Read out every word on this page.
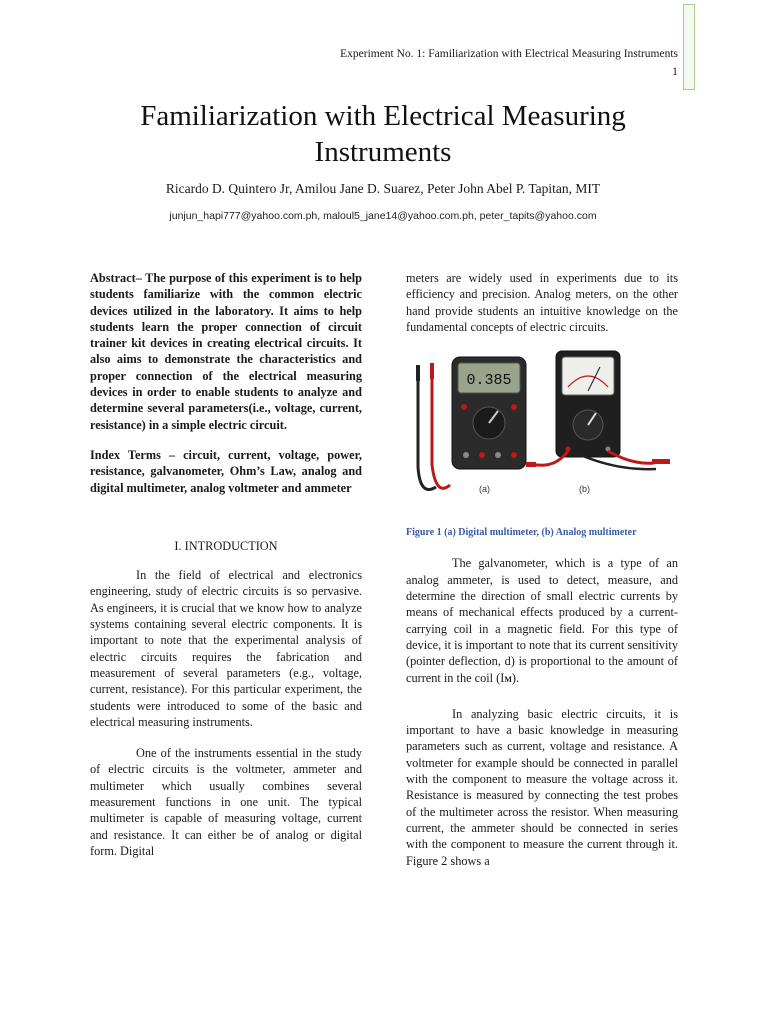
Experiment No. 1: Familiarization with Electrical Measuring Instruments
1
Familiarization with Electrical Measuring
Instruments
Ricardo D. Quintero Jr, Amilou Jane D. Suarez, Peter John Abel P. Tapitan, MIT
junjun_hapi777@yahoo.com.ph, maloul5_jane14@yahoo.com.ph, peter_tapits@yahoo.com

Abstract– The purpose of this experiment is to help students familiarize with the common electric devices utilized in the laboratory. It aims to help students learn the proper connection of circuit trainer kit devices in creating electrical circuits. It also aims to demonstrate the characteristics and proper connection of the electrical measuring devices in order to enable students to analyze and determine several parameters(i.e., voltage, current, resistance) in a simple electric circuit.

Index Terms – circuit, current, voltage, power, resistance, galvanometer, Ohm’s Law, analog and digital multimeter, analog voltmeter and ammeter

I. INTRODUCTION

In the field of electrical and electronics engineering, study of electric circuits is so pervasive. As engineers, it is crucial that we know how to analyze systems containing several electric components. It is important to note that the experimental analysis of electric circuits requires the fabrication and measurement of several parameters (e.g., voltage, current, resistance). For this particular experiment, the students were introduced to some of the basic and electrical measuring instruments.

One of the instruments essential in the study of electric circuits is the voltmeter, ammeter and multimeter which usually combines several measurement functions in one unit. The typical multimeter is capable of measuring voltage, current and resistance. It can either be of analog or digital form. Digital

meters are widely used in experiments due to its efficiency and precision. Analog meters, on the other hand provide students an intuitive knowledge on the fundamental concepts of electric circuits.

0.385
(a)	(b)
Figure 1 (a) Digital multimeter, (b) Analog multimeter

The galvanometer, which is a type of an analog ammeter, is used to detect, measure, and determine the direction of small electric currents by means of mechanical effects produced by a current-carrying coil in a magnetic field. For this type of device, it is important to note that its current sensitivity (pointer deflection, d) is proportional to the amount of current in the coil (IM).

In analyzing basic electric circuits, it is important to have a basic knowledge in measuring parameters such as current, voltage and resistance. A voltmeter for example should be connected in parallel with the component to measure the voltage across it. Resistance is measured by connecting the test probes of the multimeter across the resistor. When measuring current, the ammeter should be connected in series with the component to measure the current through it. Figure 2 shows a
